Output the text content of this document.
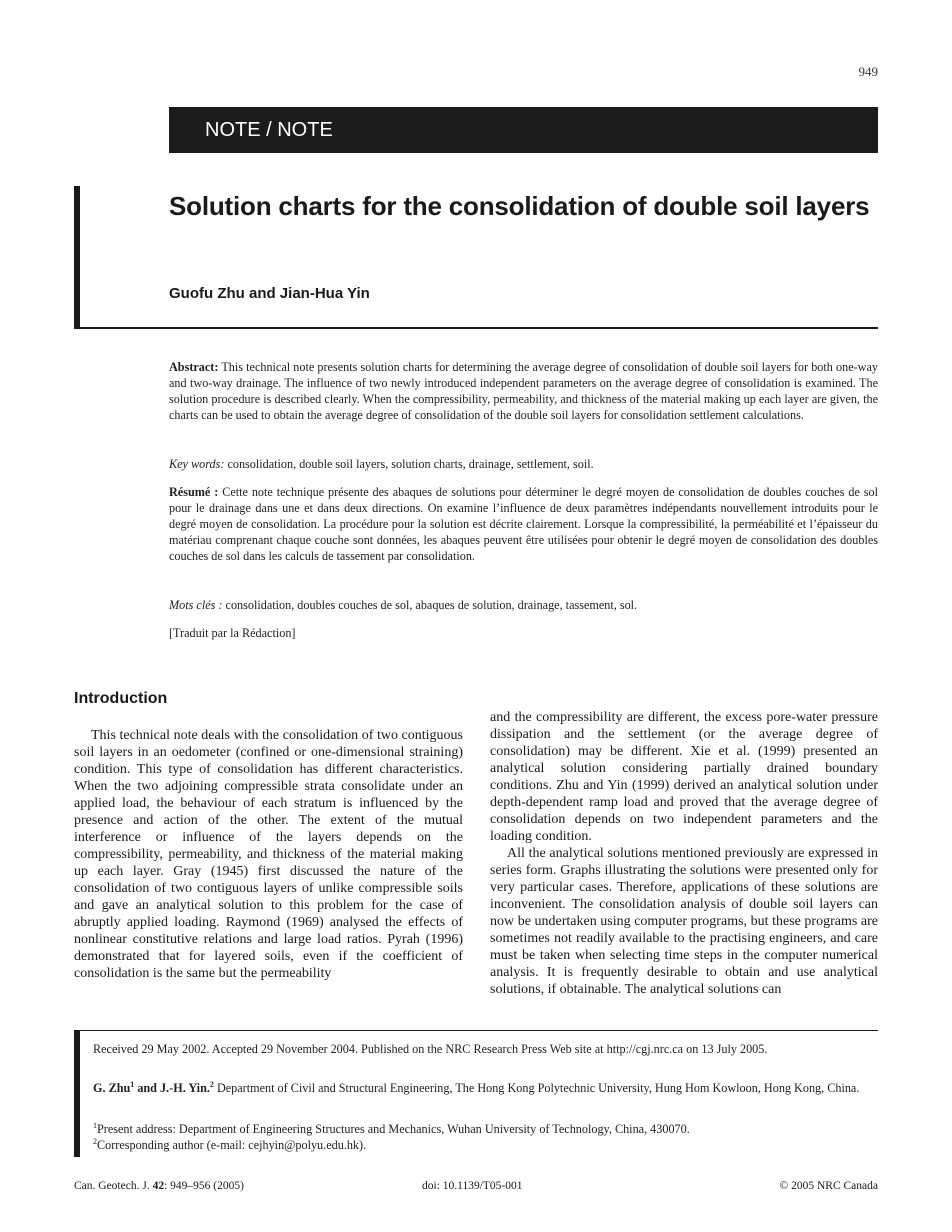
949
NOTE / NOTE
Solution charts for the consolidation of double soil layers
Guofu Zhu and Jian-Hua Yin
Abstract: This technical note presents solution charts for determining the average degree of consolidation of double soil layers for both one-way and two-way drainage. The influence of two newly introduced independent parameters on the average degree of consolidation is examined. The solution procedure is described clearly. When the compressibility, permeability, and thickness of the material making up each layer are given, the charts can be used to obtain the average degree of consolidation of the double soil layers for consolidation settlement calculations.
Key words: consolidation, double soil layers, solution charts, drainage, settlement, soil.
Résumé : Cette note technique présente des abaques de solutions pour déterminer le degré moyen de consolidation de doubles couches de sol pour le drainage dans une et dans deux directions. On examine l’influence de deux paramètres indépendants nouvellement introduits pour le degré moyen de consolidation. La procédure pour la solution est décrite clairement. Lorsque la compressibilité, la perméabilité et l’épaisseur du matériau comprenant chaque couche sont données, les abaques peuvent être utilisées pour obtenir le degré moyen de consolidation des doubles couches de sol dans les calculs de tassement par consolidation.
Mots clés : consolidation, doubles couches de sol, abaques de solution, drainage, tassement, sol.
[Traduit par la Rédaction]
Introduction

This technical note deals with the consolidation of two contiguous soil layers in an oedometer (confined or one-dimensional straining) condition. This type of consolidation has different characteristics. When the two adjoining compressible strata consolidate under an applied load, the behaviour of each stratum is influenced by the presence and action of the other. The extent of the mutual interference or influence of the layers depends on the compressibility, permeability, and thickness of the material making up each layer. Gray (1945) first discussed the nature of the consolidation of two contiguous layers of unlike compressible soils and gave an analytical solution to this problem for the case of abruptly applied loading. Raymond (1969) analysed the effects of nonlinear constitutive relations and large load ratios. Pyrah (1996) demonstrated that for layered soils, even if the coefficient of consolidation is the same but the permeability

and the compressibility are different, the excess pore-water pressure dissipation and the settlement (or the average degree of consolidation) may be different. Xie et al. (1999) presented an analytical solution considering partially drained boundary conditions. Zhu and Yin (1999) derived an analytical solution under depth-dependent ramp load and proved that the average degree of consolidation depends on two independent parameters and the loading condition.

All the analytical solutions mentioned previously are expressed in series form. Graphs illustrating the solutions were presented only for very particular cases. Therefore, applications of these solutions are inconvenient. The consolidation analysis of double soil layers can now be undertaken using computer programs, but these programs are sometimes not readily available to the practising engineers, and care must be taken when selecting time steps in the computer numerical analysis. It is frequently desirable to obtain and use analytical solutions, if obtainable. The analytical solutions can

Received 29 May 2002. Accepted 29 November 2004. Published on the NRC Research Press Web site at http://cgj.nrc.ca on 13 July 2005.
G. Zhu$^1$ and J.-H. Yin.$^2$ Department of Civil and Structural Engineering, The Hong Kong Polytechnic University, Hung Hom Kowloon, Hong Kong, China.
$^1$Present address: Department of Engineering Structures and Mechanics, Wuhan University of Technology, China, 430070.
$^2$Corresponding author (e-mail: cejhyin@polyu.edu.hk).
Can. Geotech. J. 42: 949–956 (2005)	doi: 10.1139/T05-001	© 2005 NRC Canada
